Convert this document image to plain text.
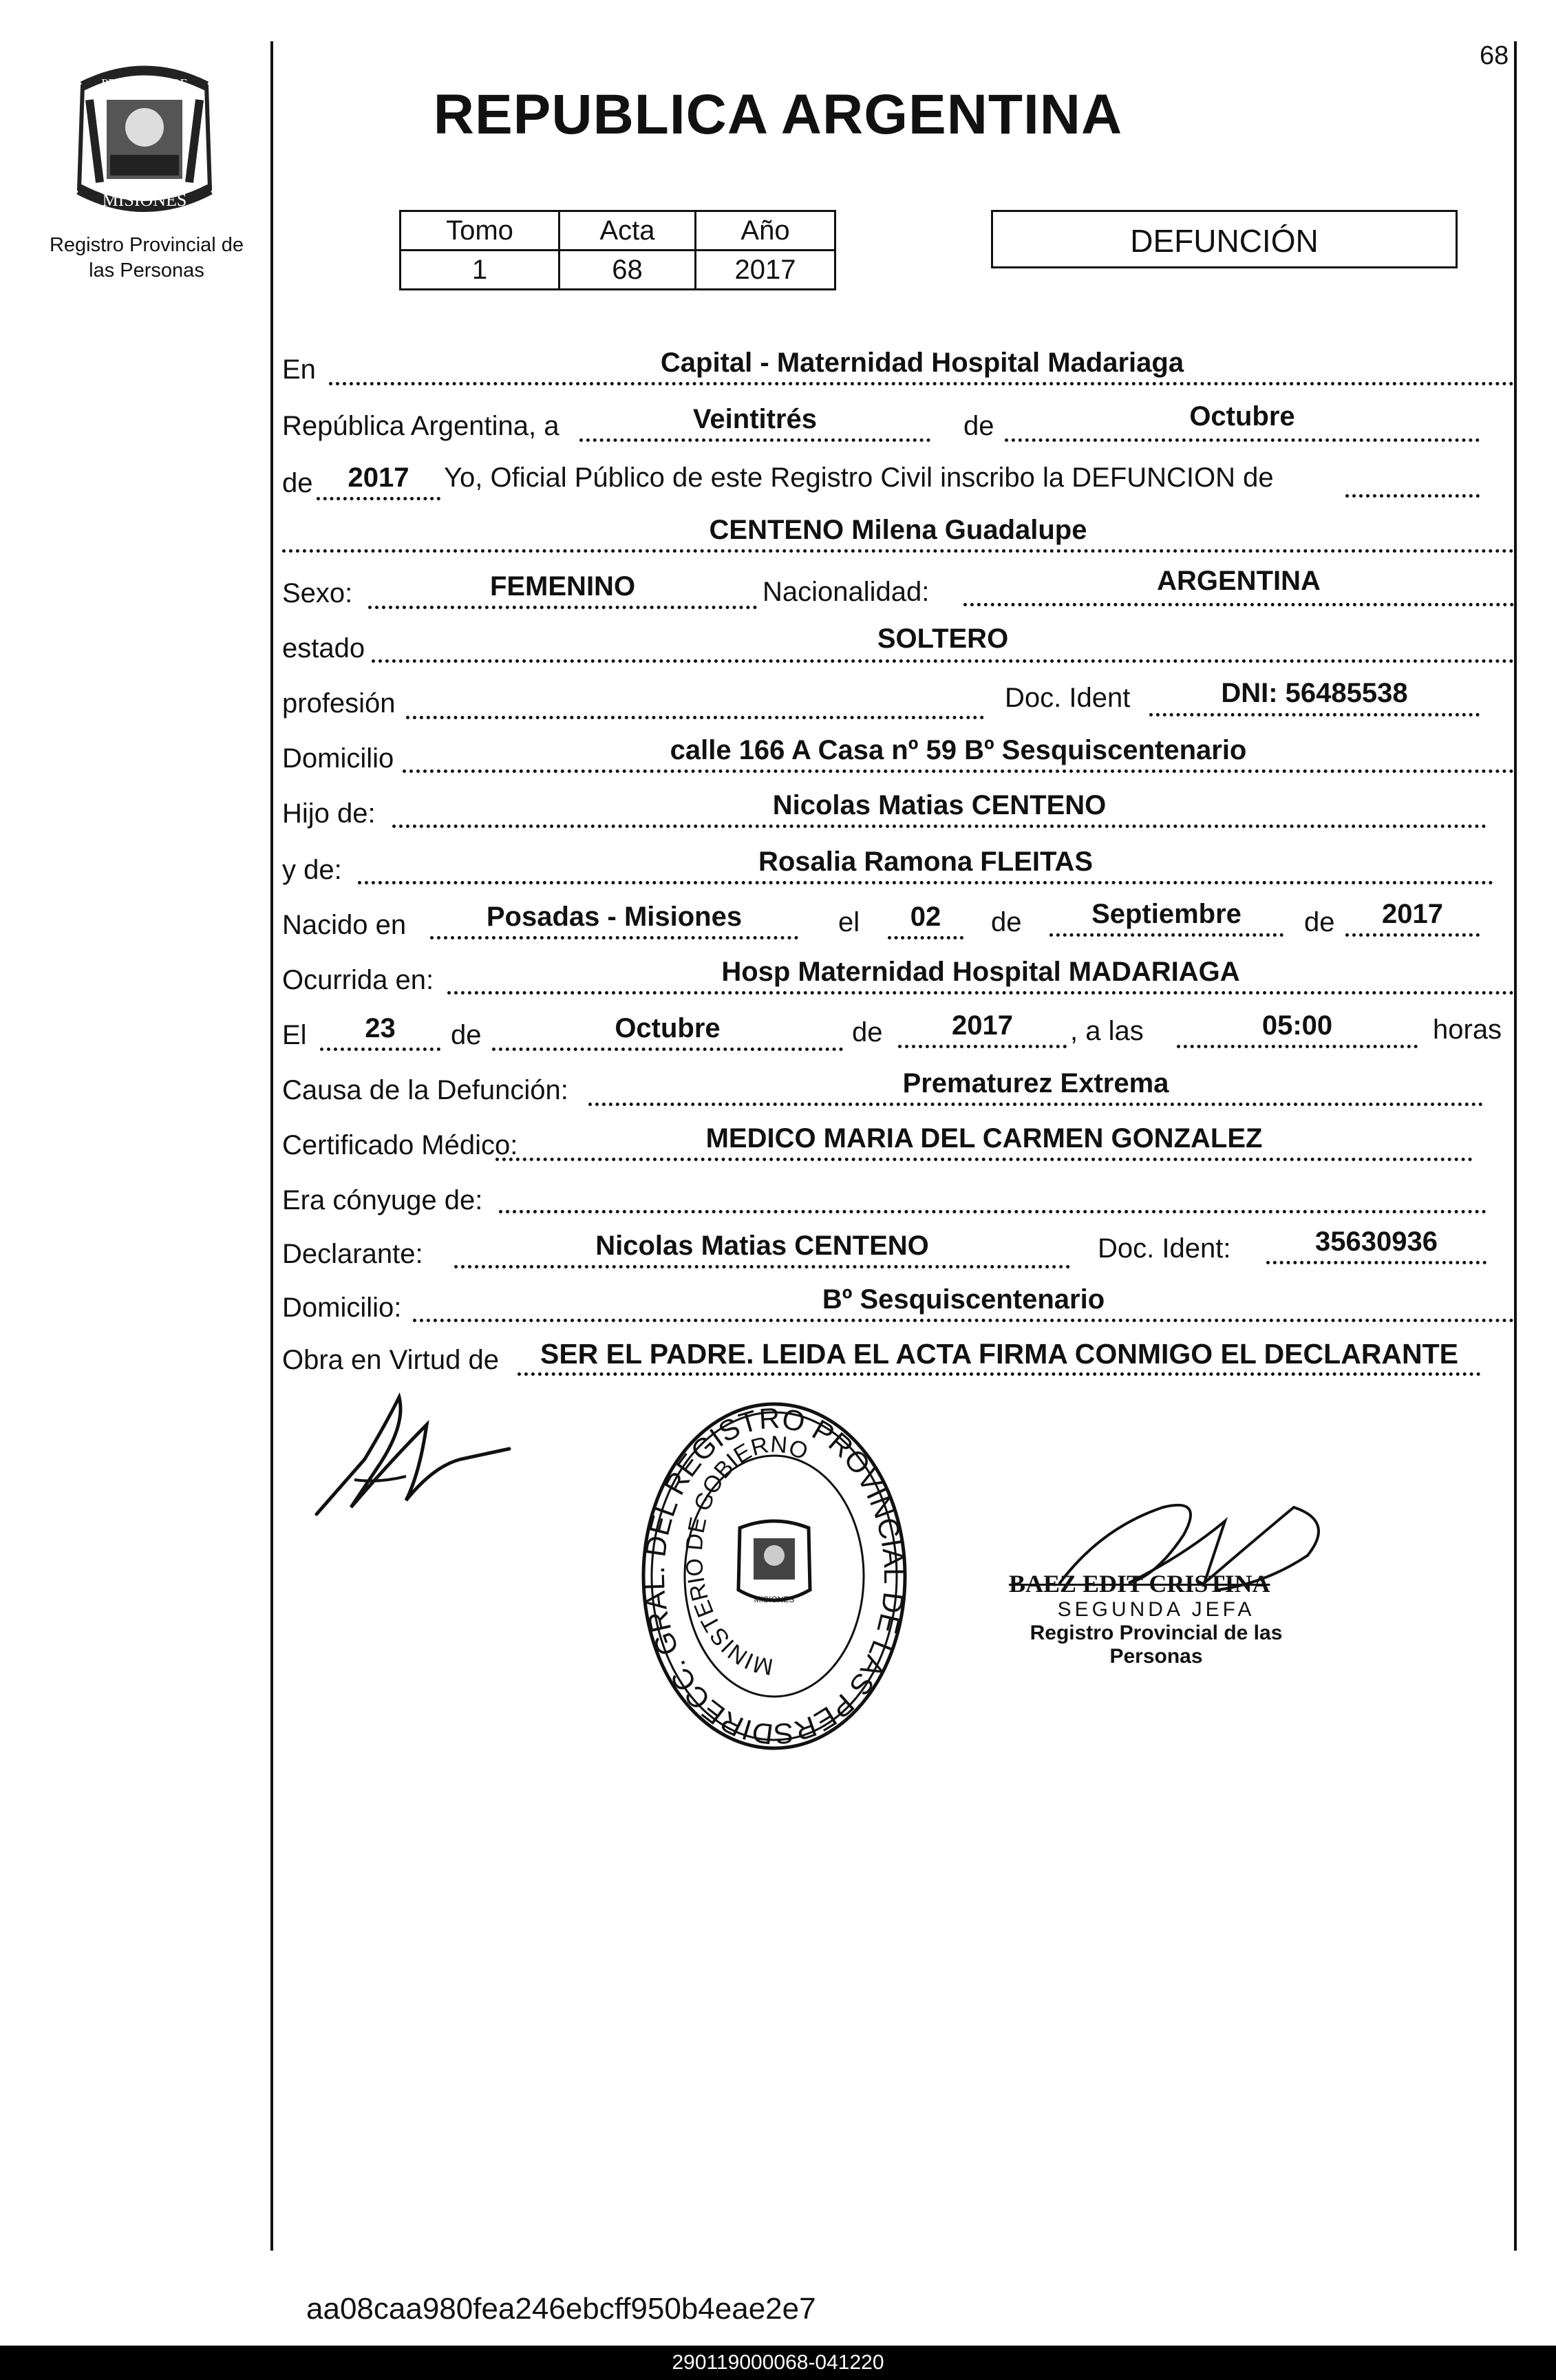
68
PROVINCIA DE
MISIONES
Registro Provincial de
las Personas
REPUBLICA ARGENTINA
Tomo	Acta	Año
1	68	2017
DEFUNCIÓN
En	Capital - Maternidad Hospital Madariaga
República Argentina, a	Veintitrés	de	Octubre
de	2017	Yo, Oficial Público de este Registro Civil inscribo la DEFUNCION de
CENTENO Milena Guadalupe
Sexo:	FEMENINO	Nacionalidad:	ARGENTINA
estado	SOLTERO
profesión	Doc. Ident	DNI: 56485538
Domicilio	calle 166 A Casa nº 59 Bº Sesquiscentenario
Hijo de:	Nicolas Matias CENTENO
y de:	Rosalia Ramona FLEITAS
Nacido en	Posadas - Misiones	el	02	de	Septiembre	de	2017
Ocurrida en:	Hosp Maternidad Hospital MADARIAGA
El	23	de	Octubre	de	2017	, a las	05:00	horas
Causa de la Defunción:	Prematurez Extrema
Certificado Médico:	MEDICO MARIA DEL CARMEN GONZALEZ
Era cónyuge de:
Declarante:	Nicolas Matias CENTENO	Doc. Ident:	35630936
Domicilio:	Bº Sesquiscentenario
Obra en Virtud de	SER EL PADRE. LEIDA EL ACTA FIRMA CONMIGO EL DECLARANTE
DIRECC. GRAL. DEL REGISTRO PROVINCIAL DE LAS PERS
MINISTERIO DE GOBIERNO
MISIONES
BAEZ EDIT CRISTINA
SEGUNDA JEFA
Registro Provincial de las Personas
aa08caa980fea246ebcff950b4eae2e7
290119000068-041220
